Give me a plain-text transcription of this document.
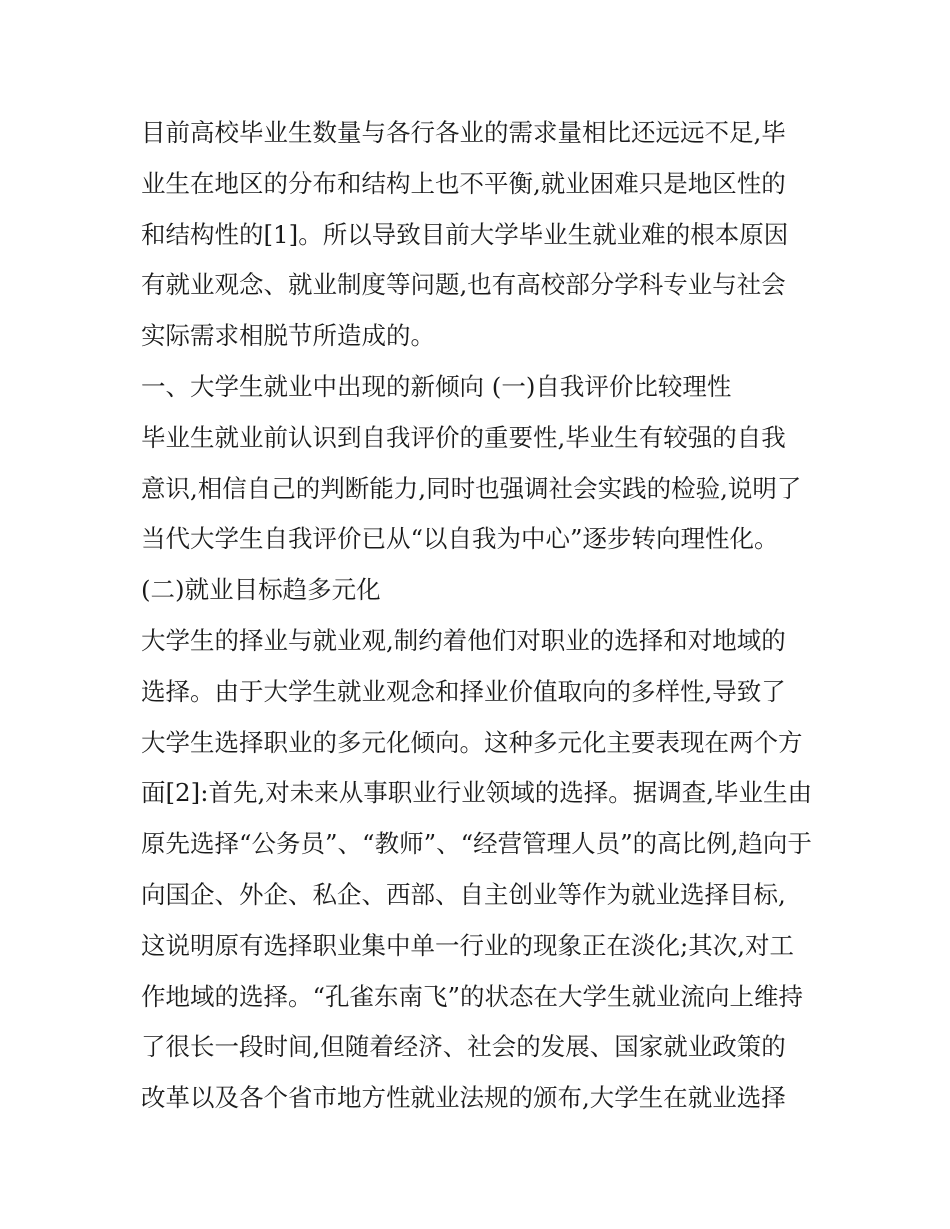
目前高校毕业生数量与各行各业的需求量相比还远远不足,毕
业生在地区的分布和结构上也不平衡,就业困难只是地区性的
和结构性的[1]。所以导致目前大学毕业生就业难的根本原因
有就业观念、就业制度等问题,也有高校部分学科专业与社会
实际需求相脱节所造成的。
一、大学生就业中出现的新倾向 (一)自我评价比较理性
毕业生就业前认识到自我评价的重要性,毕业生有较强的自我
意识,相信自己的判断能力,同时也强调社会实践的检验,说明了
当代大学生自我评价已从“以自我为中心”逐步转向理性化。
(二)就业目标趋多元化
大学生的择业与就业观,制约着他们对职业的选择和对地域的
选择。由于大学生就业观念和择业价值取向的多样性,导致了
大学生选择职业的多元化倾向。这种多元化主要表现在两个方
面[2]:首先,对未来从事职业行业领域的选择。据调查,毕业生由
原先选择“公务员”、“教师”、“经营管理人员”的高比例,趋向于
向国企、外企、私企、西部、自主创业等作为就业选择目标,
这说明原有选择职业集中单一行业的现象正在淡化;其次,对工
作地域的选择。“孔雀东南飞”的状态在大学生就业流向上维持
了很长一段时间,但随着经济、社会的发展、国家就业政策的
改革以及各个省市地方性就业法规的颁布,大学生在就业选择
